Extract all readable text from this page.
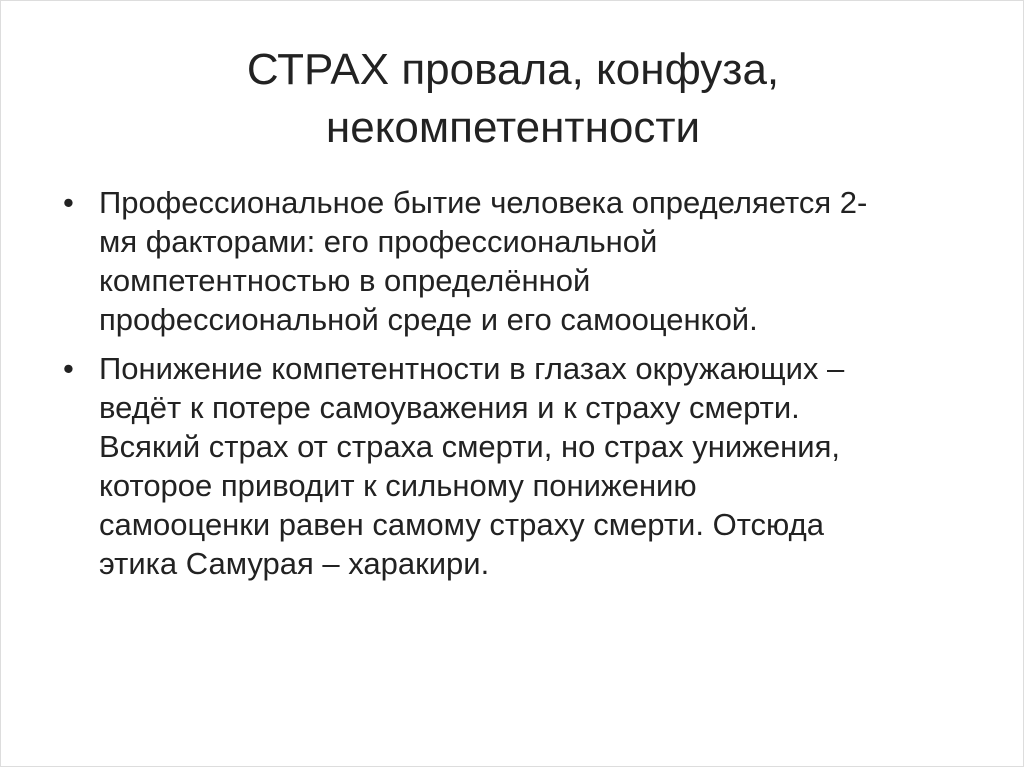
СТРАХ провала, конфуза,
некомпетентности
• Профессиональное бытие человека определяется 2-
мя факторами: его профессиональной
компетентностью в определённой
профессиональной среде и его самооценкой.
• Понижение компетентности в глазах окружающих –
ведёт к потере самоуважения и к страху смерти.
Всякий страх от страха смерти, но страх унижения,
которое приводит к сильному понижению
самооценки равен самому страху смерти. Отсюда
этика Самурая – харакири.
